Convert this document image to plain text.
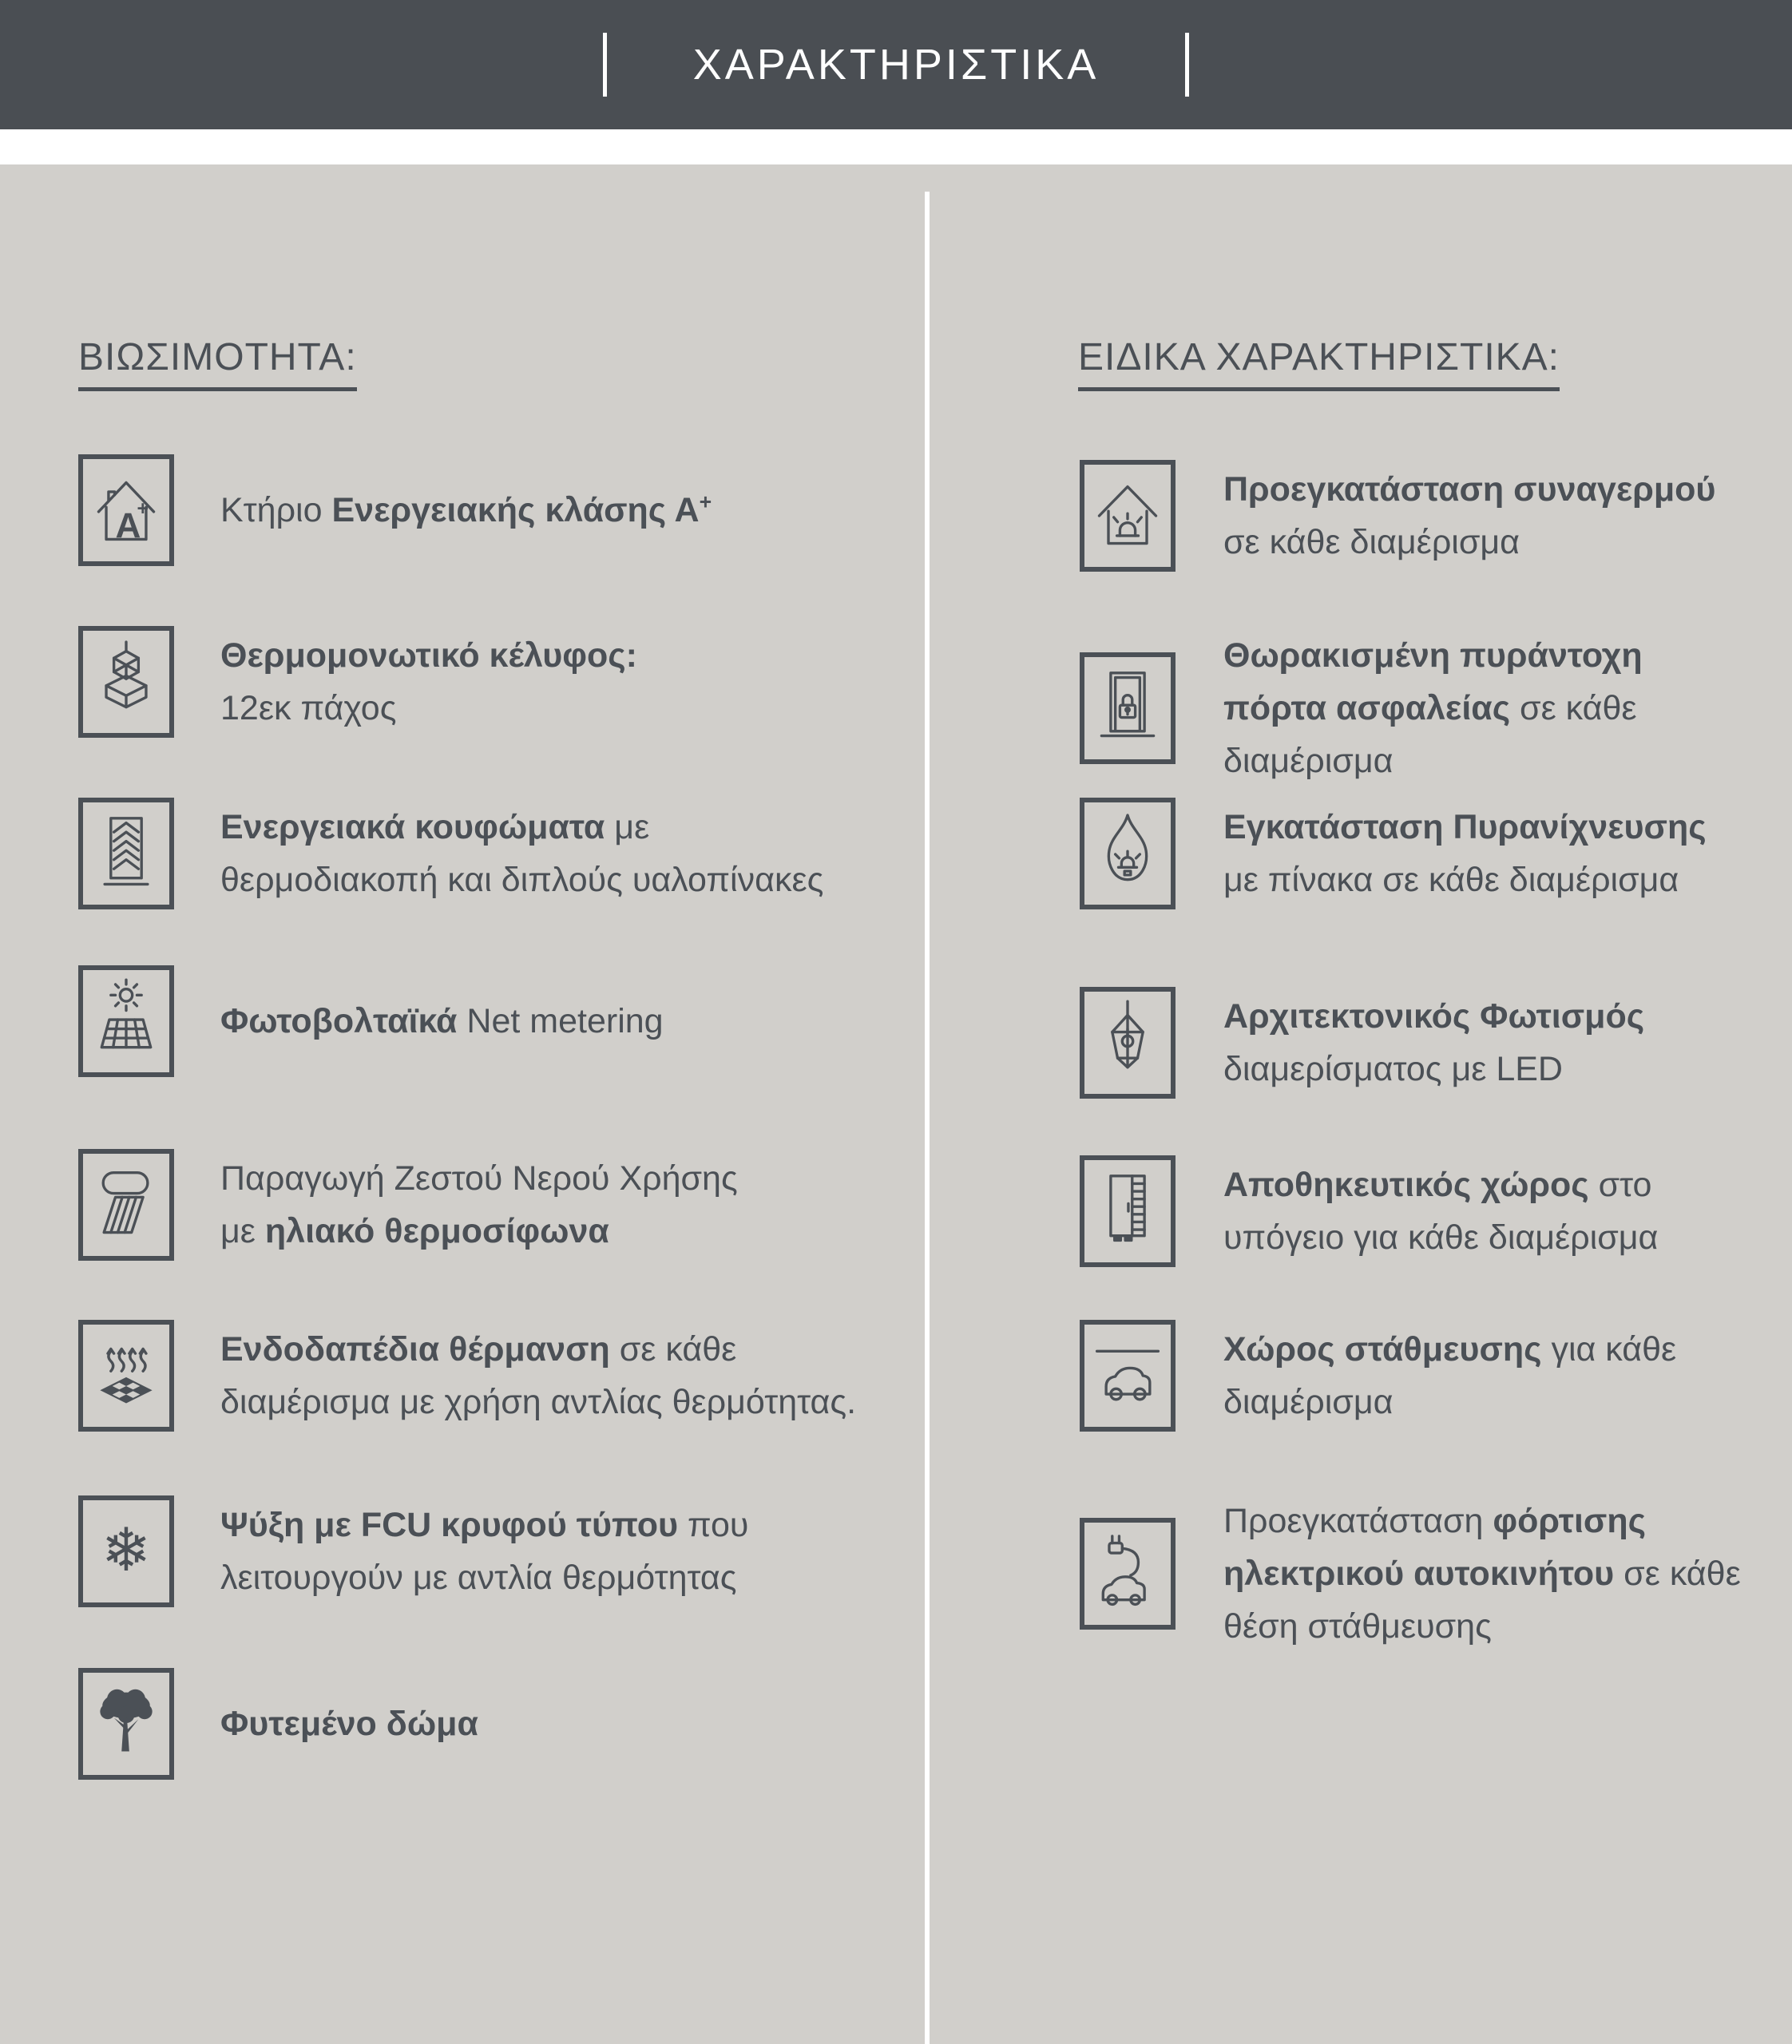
ΧΑΡΑΚΤΗΡΙΣΤΙΚΑ
ΒΙΩΣΙΜΟΤΗΤΑ:	ΕΙΔΙΚΑ ΧΑΡΑΚΤΗΡΙΣΤΙΚΑ:
A
+ Κτήριο Ενεργειακής κλάσης Α+
Θερμομονωτικό κέλυφος:
12εκ πάχος
Ενεργειακά κουφώματα με
θερμοδιακοπή και διπλούς υαλοπίνακες
Φωτοβολταϊκά Net metering
Παραγωγή Ζεστού Νερού Χρήσης
με ηλιακό θερμοσίφωνα
Ενδοδαπέδια θέρμανση σε κάθε
διαμέρισμα με χρήση αντλίας θερμότητας.
❄ Ψύξη με FCU κρυφού τύπου που
λειτουργούν με αντλία θερμότητας
Φυτεμένο δώμα
Προεγκατάσταση συναγερμού
σε κάθε διαμέρισμα
Θωρακισμένη πυράντοχη
πόρτα ασφαλείας σε κάθε
διαμέρισμα
Εγκατάσταση Πυρανίχνευσης
με πίνακα σε κάθε διαμέρισμα
Αρχιτεκτονικός Φωτισμός
διαμερίσματος με LED
Αποθηκευτικός χώρος στο
υπόγειο για κάθε διαμέρισμα
Χώρος στάθμευσης για κάθε
διαμέρισμα
Προεγκατάσταση φόρτισης
ηλεκτρικού αυτοκινήτου σε κάθε
θέση στάθμευσης
